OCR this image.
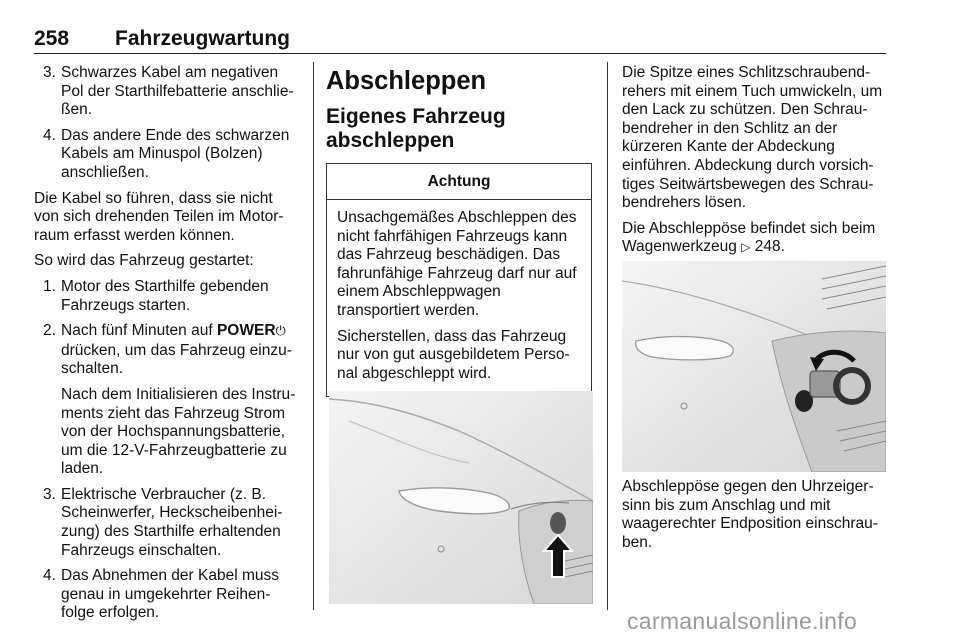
258 Fahrzeugwartung
3. Schwarzes Kabel am negativen Pol der Starthilfebatterie anschlie-ßen.

4. Das andere Ende des schwarzen Kabels am Minuspol (Bolzen) anschließen.

Die Kabel so führen, dass sie nicht von sich drehenden Teilen im Motor-raum erfasst werden können.

So wird das Fahrzeug gestartet:

1. Motor des Starthilfe gebenden Fahrzeugs starten.

2. Nach fünf Minuten auf POWER⏻ drücken, um das Fahrzeug einzu-schalten.

Nach dem Initialisieren des Instru-ments zieht das Fahrzeug Strom von der Hochspannungsbatterie, um die 12-V-Fahrzeugbatterie zu laden.

3. Elektrische Verbraucher (z. B. Scheinwerfer, Heckscheibenhei-zung) des Starthilfe erhaltenden Fahrzeugs einschalten.

4. Das Abnehmen der Kabel muss genau in umgekehrter Reihen-folge erfolgen.

Abschleppen
Eigenes Fahrzeug abschleppen
Achtung

Unsachgemäßes Abschleppen des nicht fahrfähigen Fahrzeugs kann das Fahrzeug beschädigen. Das fahrunfähige Fahrzeug darf nur auf einem Abschleppwagen transportiert werden.

Sicherstellen, dass das Fahrzeug nur von gut ausgebildetem Perso-nal abgeschleppt wird.

Die Spitze eines Schlitzschraubend-rehers mit einem Tuch umwickeln, um den Lack zu schützen. Den Schrau-bendreher in den Schlitz an der kürzeren Kante der Abdeckung einführen. Abdeckung durch vorsich-tiges Seitwärtsbewegen des Schrau-bendrehers lösen.

Die Abschleppöse befindet sich beim Wagenwerkzeug ▷ 248.

Abschleppöse gegen den Uhrzeiger-sinn bis zum Anschlag und mit waagerechter Endposition einschrau-ben.

carmanualsonline.info
